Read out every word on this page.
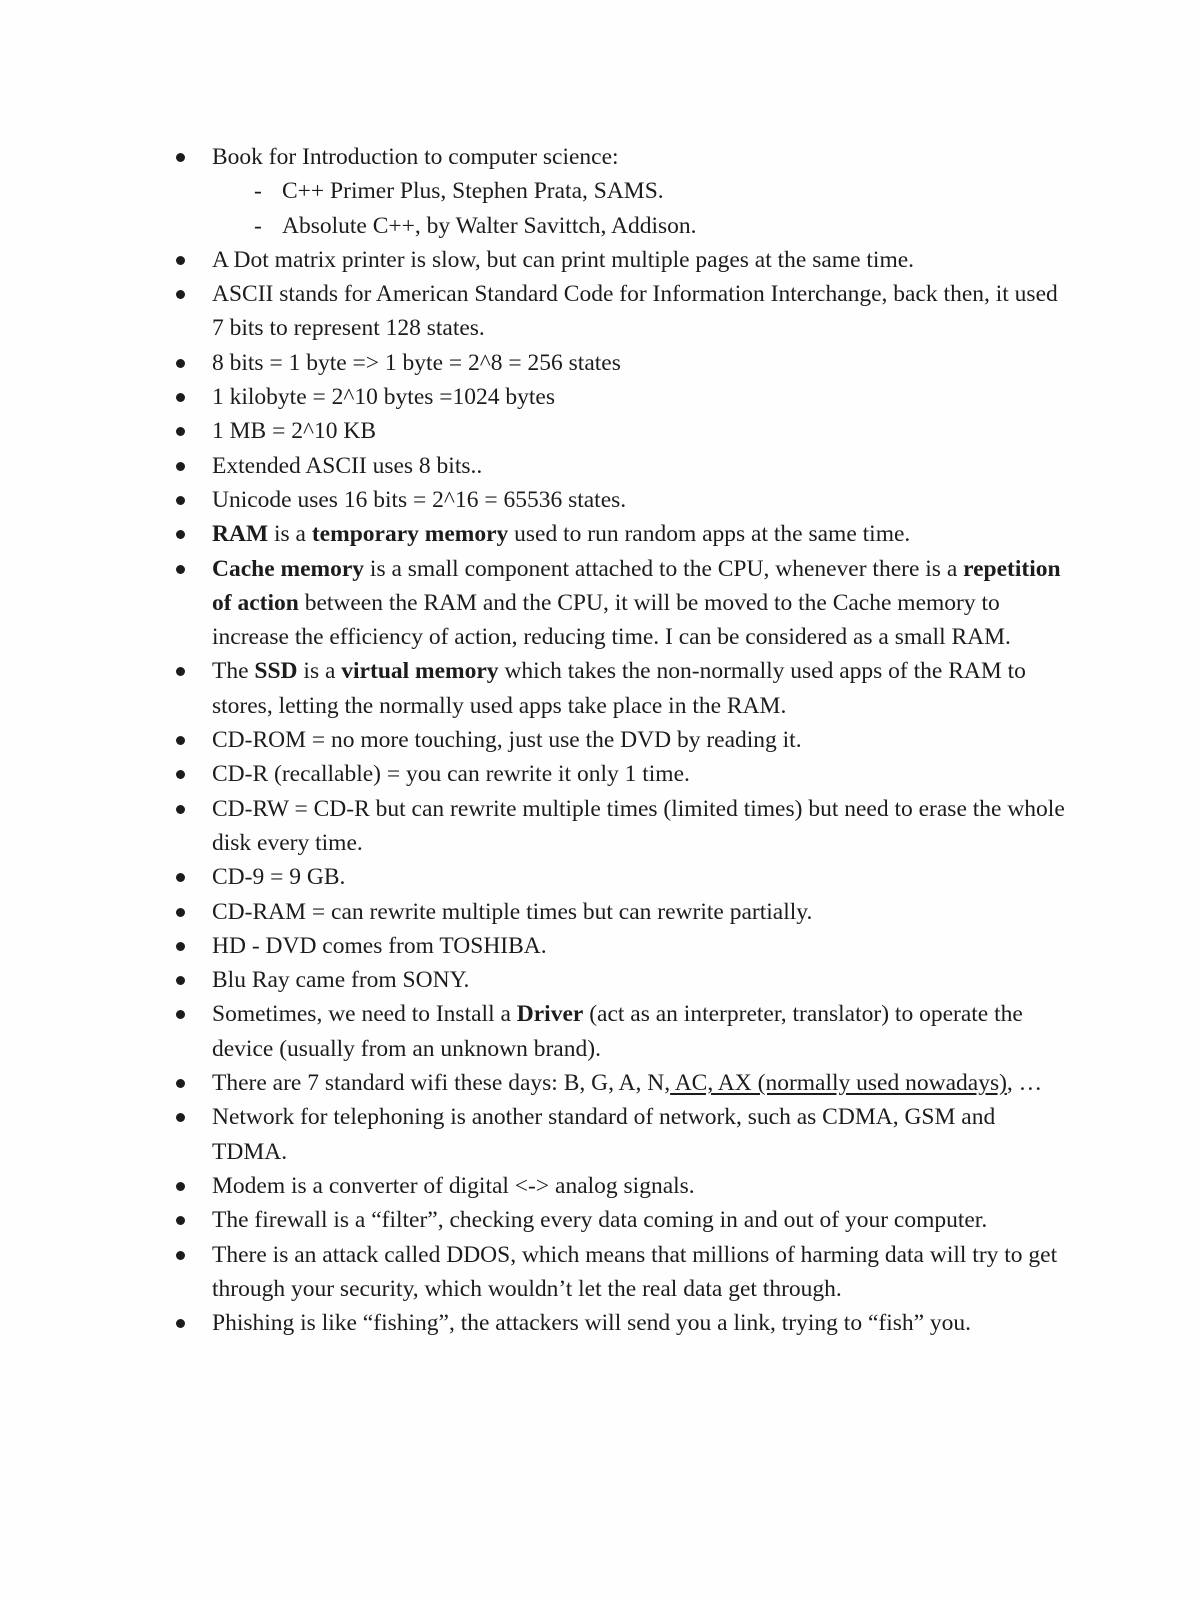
Book for Introduction to computer science:
- C++ Primer Plus, Stephen Prata, SAMS.
- Absolute C++, by Walter Savittch, Addison.
A Dot matrix printer is slow, but can print multiple pages at the same time.
ASCII stands for American Standard Code for Information Interchange, back then, it used 7 bits to represent 128 states.
8 bits = 1 byte => 1 byte = 2^8 = 256 states
1 kilobyte = 2^10 bytes =1024 bytes
1 MB = 2^10 KB
Extended ASCII uses 8 bits..
Unicode uses 16 bits = 2^16 = 65536 states.
RAM is a temporary memory used to run random apps at the same time.
Cache memory is a small component attached to the CPU, whenever there is a repetition of action between the RAM and the CPU, it will be moved to the Cache memory to increase the efficiency of action, reducing time. I can be considered as a small RAM.
The SSD is a virtual memory which takes the non-normally used apps of the RAM to stores, letting the normally used apps take place in the RAM.
CD-ROM = no more touching, just use the DVD by reading it.
CD-R (recallable) = you can rewrite it only 1 time.
CD-RW = CD-R but can rewrite multiple times (limited times) but need to erase the whole disk every time.
CD-9 = 9 GB.
CD-RAM = can rewrite multiple times but can rewrite partially.
HD - DVD comes from TOSHIBA.
Blu Ray came from SONY.
Sometimes, we need to Install a Driver (act as an interpreter, translator) to operate the device (usually from an unknown brand).
There are 7 standard wifi these days: B, G, A, N, AC, AX (normally used nowadays), …
Network for telephoning is another standard of network, such as CDMA, GSM and TDMA.
Modem is a converter of digital <-> analog signals.
The firewall is a “filter”, checking every data coming in and out of your computer.
There is an attack called DDOS, which means that millions of harming data will try to get through your security, which wouldn’t let the real data get through.
Phishing is like “fishing”, the attackers will send you a link, trying to “fish” you.
